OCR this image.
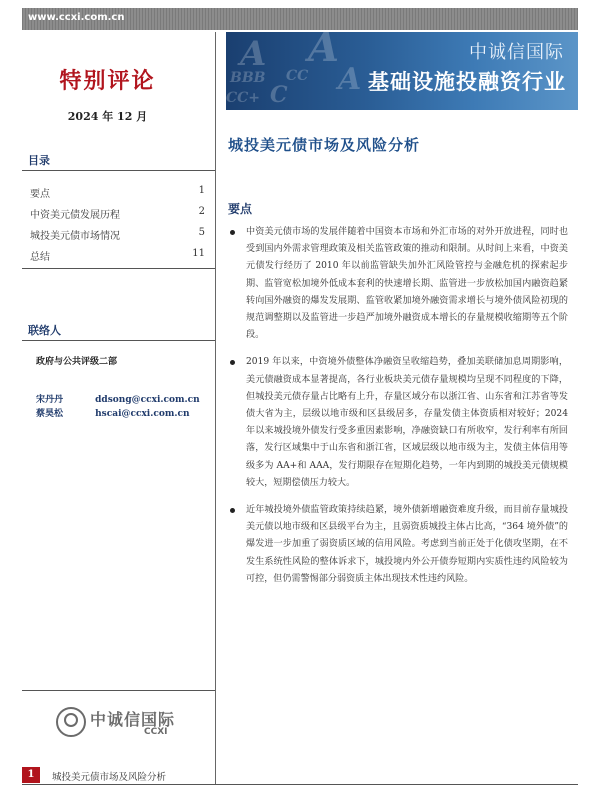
www.ccxi.com.cn
A A
BBB CC
CC+
A
C
中诚信国际
基础设施投融资行业
特别评论
2024 年 12 月
目录
要点	1
中资美元债发展历程	2
城投美元债市场情况	5
总结	11
联络人
政府与公共评级二部
宋丹丹	ddsong@ccxi.com.cn
蔡昊松	hscai@ccxi.com.cn
中诚信国际
CCXI
城投美元债市场及风险分析
要点
中资美元债市场的发展伴随着中国资本市场和外汇市场的对外开放进程，同时也受到国内外需求管理政策及相关监管政策的推动和限制。从时间上来看，中资美元债发行经历了 2010 年以前监管缺失加外汇风险管控与金融危机的探索起步期、监管宽松加境外低成本套利的快速增长期、监管进一步放松加国内融资趋紧转向国外融资的爆发发展期、监管收紧加境外融资需求增长与境外债风险初现的规范调整期以及监管进一步趋严加境外融资成本增长的存量规模收缩期等五个阶段。
2019 年以来，中资境外债整体净融资呈收缩趋势，叠加美联储加息周期影响，美元债融资成本显著提高，各行业板块美元债存量规模均呈现不同程度的下降，但城投美元债存量占比略有上升，存量区域分布以浙江省、山东省和江苏省等发债大省为主，层级以地市级和区县级居多，存量发债主体资质相对较好；2024 年以来城投境外债发行受多重因素影响，净融资缺口有所收窄，发行利率有所回落，发行区域集中于山东省和浙江省，区域层级以地市级为主，发债主体信用等级多为 AA+和 AAA，发行期限存在短期化趋势，一年内到期的城投美元债规模较大，短期偿债压力较大。
近年城投境外债监管政策持续趋紧，境外债新增融资难度升级，而目前存量城投美元债以地市级和区县级平台为主，且弱资质城投主体占比高，“364 境外债”的爆发进一步加重了弱资质区域的信用风险。考虑到当前正处于化债攻坚期，在不发生系统性风险的整体诉求下，城投境内外公开债券短期内实质性违约风险较为可控，但仍需警惕部分弱资质主体出现技术性违约风险。
1	城投美元债市场及风险分析
